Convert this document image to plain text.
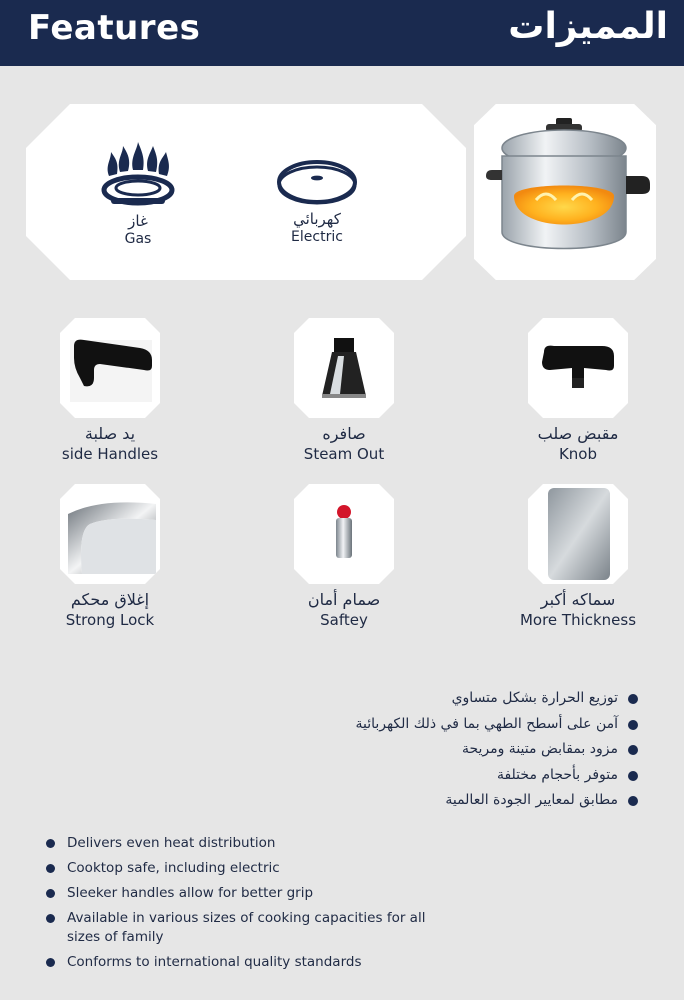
Features	المميزات
غاز
Gas
كهربائي
Electric
يد صلبة
side Handles
صافره
Steam Out
مقبض صلب
Knob
إغلاق محكم
Strong Lock
صمام أمان
Saftey
سماكه أكبر
More Thickness
توزيع الحرارة بشكل متساوي
آمن على أسطح الطهي بما في ذلك الكهربائية
مزود بمقابض متينة ومريحة
متوفر بأحجام مختلفة
مطابق لمعايير الجودة العالمية
Delivers even heat distribution
Cooktop safe, including electric
Sleeker handles allow for better grip
Available in various sizes of cooking capacities for all sizes of family
Conforms to international quality standards
